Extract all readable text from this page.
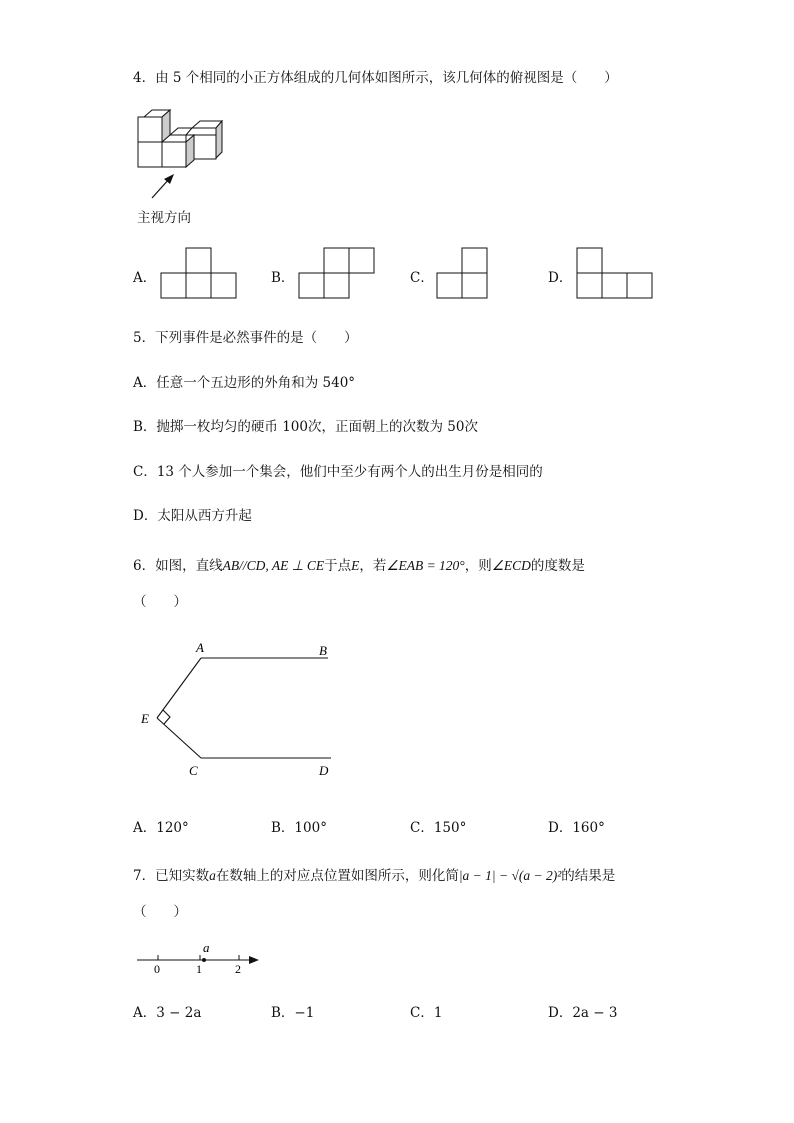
4．由 5 个相同的小正方体组成的几何体如图所示，该几何体的俯视图是（　　）
主视方向
A．	B．	C．	D．
5．下列事件是必然事件的是（　　）
A．任意一个五边形的外角和为 540°
B．抛掷一枚均匀的硬币 100次，正面朝上的次数为 50次
C．13 个人参加一个集会，他们中至少有两个人的出生月份是相同的
D．太阳从西方升起
6．如图，直线AB//CD, AE ⊥ CE于点E，若∠EAB = 120°，则∠ECD的度数是
（　　）
A	B
E
C	D
A．120°	B．100°	C．150°	D．160°
7．已知实数a在数轴上的对应点位置如图所示，则化简|a − 1| − √(a − 2)²的结果是
（　　）
a
0	1	2
A．3 − 2a	B．−1	C．1	D．2a − 3
